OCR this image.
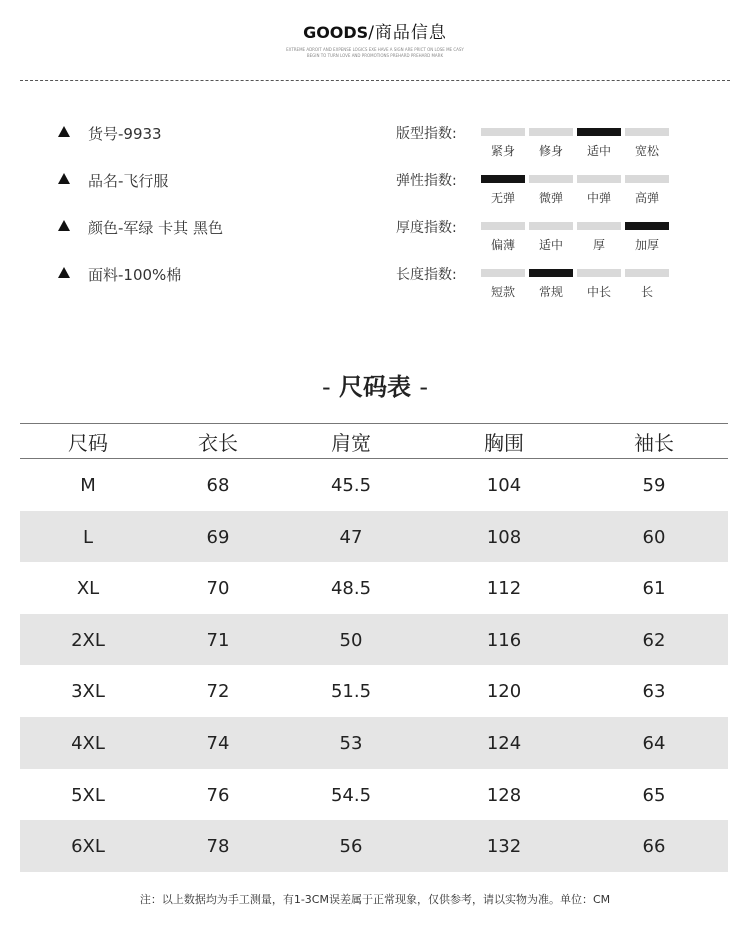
GOODS/商品信息
EXTREME ADROIT AND EXPENSE LOGICS EXE HAVE A SIGN ARE PRICT ON LOSE ME CASY
BEGIN TO TURN LOVE AND PROMOTIONS PREHARD PREHARD MARK
货号-9933
品名-飞行服
颜色-军绿 卡其 黑色
面料-100%棉
版型指数:
紧身	修身	适中	宽松
弹性指数:
无弹	微弹	中弹	高弹
厚度指数:
偏薄	适中	厚	加厚
长度指数:
短款	常规	中长	长
- 尺码表 -
尺码	衣长	肩宽	胸围	袖长
M	68	45.5	104	59
L	69	47	108	60
XL	70	48.5	112	61
2XL	71	50	116	62
3XL	72	51.5	120	63
4XL	74	53	124	64
5XL	76	54.5	128	65
6XL	78	56	132	66
注：以上数据均为手工测量，有1-3CM误差属于正常现象，仅供参考，请以实物为准。单位：CM
